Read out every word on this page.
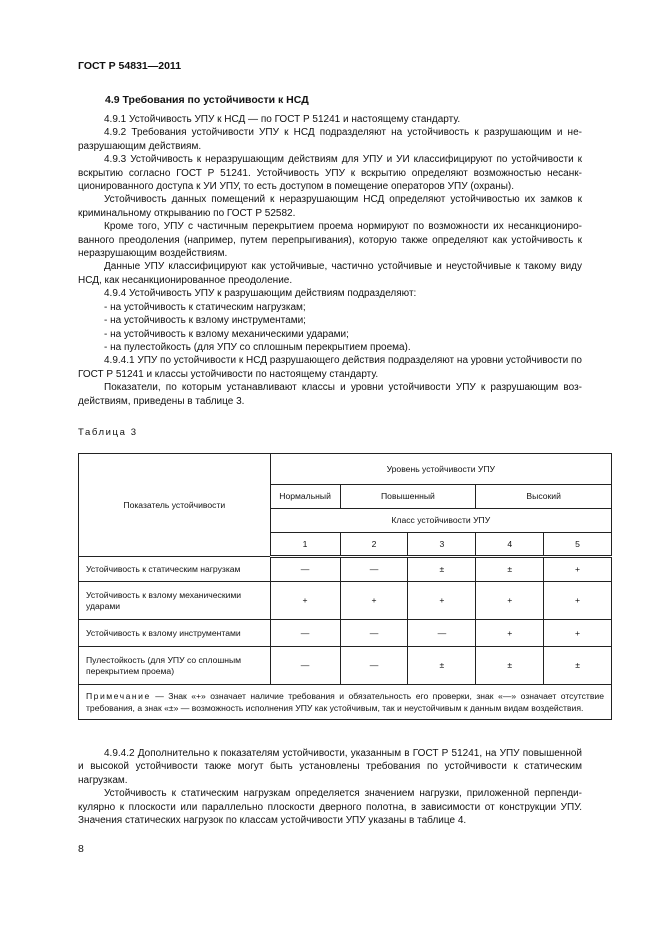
ГОСТ Р 54831—2011
4.9 Требования по устойчивости к НСД

4.9.1 Устойчивость УПУ к НСД — по ГОСТ Р 51241 и настоящему стандарту.

4.9.2 Требования устойчивости УПУ к НСД подразделяют на устойчивость к разрушающим и неразрушающим действиям.

4.9.3 Устойчивость к неразрушающим действиям для УПУ и УИ классифицируют по устойчивости к вскрытию согласно ГОСТ Р 51241. Устойчивость УПУ к вскрытию определяют возможностью несанкционированного доступа к УИ УПУ, то есть доступом в помещение операторов УПУ (охраны).

Устойчивость данных помещений к неразрушающим НСД определяют устойчивостью их замков к криминальному открыванию по ГОСТ Р 52582.

Кроме того, УПУ с частичным перекрытием проема нормируют по возможности их несанкционированного преодоления (например, путем перепрыгивания), которую также определяют как устойчивость к неразрушающим воздействиям.

Данные УПУ классифицируют как устойчивые, частично устойчивые и неустойчивые к такому виду НСД, как несанкционированное преодоление.

4.9.4 Устойчивость УПУ к разрушающим действиям подразделяют:

- на устойчивость к статическим нагрузкам;

- на устойчивость к взлому инструментами;

- на устойчивость к взлому механическими ударами;

- на пулестойкость (для УПУ со сплошным перекрытием проема).

4.9.4.1 УПУ по устойчивости к НСД разрушающего действия подразделяют на уровни устойчивости по ГОСТ Р 51241 и классы устойчивости по настоящему стандарту.

Показатели, по которым устанавливают классы и уровни устойчивости УПУ к разрушающим воздействиям, приведены в таблице 3.

Таблица 3
Показатель устойчивости	Уровень устойчивости УПУ				
	Нормальный	Повышенный		Высокий	
	Класс устойчивости УПУ				
	1	2	3	4	5
Устойчивость к статическим нагрузкам	—	—	±	±	+
Устойчивость к взлому механическими ударами	+	+	+	+	+
Устойчивость к взлому инструментами	—	—	—	+	+
Пулестойкость (для УПУ со сплошным перекрытием проема)	—	—	±	±	±
Примечание — Знак «+» означает наличие требования и обязательность его проверки, знак «—» означает отсутствие требования, а знак «±» — возможность исполнения УПУ как устойчивым, так и неустойчивым к данным видам воздействия.					

4.9.4.2 Дополнительно к показателям устойчивости, указанным в ГОСТ Р 51241, на УПУ повышенной и высокой устойчивости также могут быть установлены требования по устойчивости к статическим нагрузкам.

Устойчивость к статическим нагрузкам определяется значением нагрузки, приложенной перпендикулярно к плоскости или параллельно плоскости дверного полотна, в зависимости от конструкции УПУ. Значения статических нагрузок по классам устойчивости УПУ указаны в таблице 4.

8
